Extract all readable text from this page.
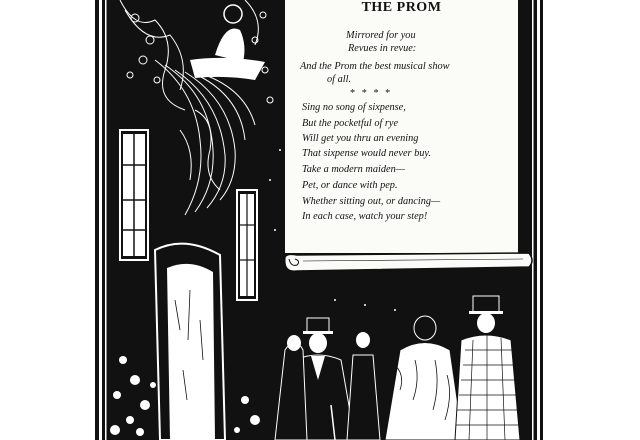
THE PROM

Mirrored for you

Revues in revue:

And the Prom the best musical show

of all.

* * * *

Sing no song of sixpense,

But the pocketful of rye

Will get you thru an evening

That sixpense would never buy.

Take a modern maiden—

Pet, or dance with pep.

Whether sitting out, or dancing—

In each case, watch your step!
